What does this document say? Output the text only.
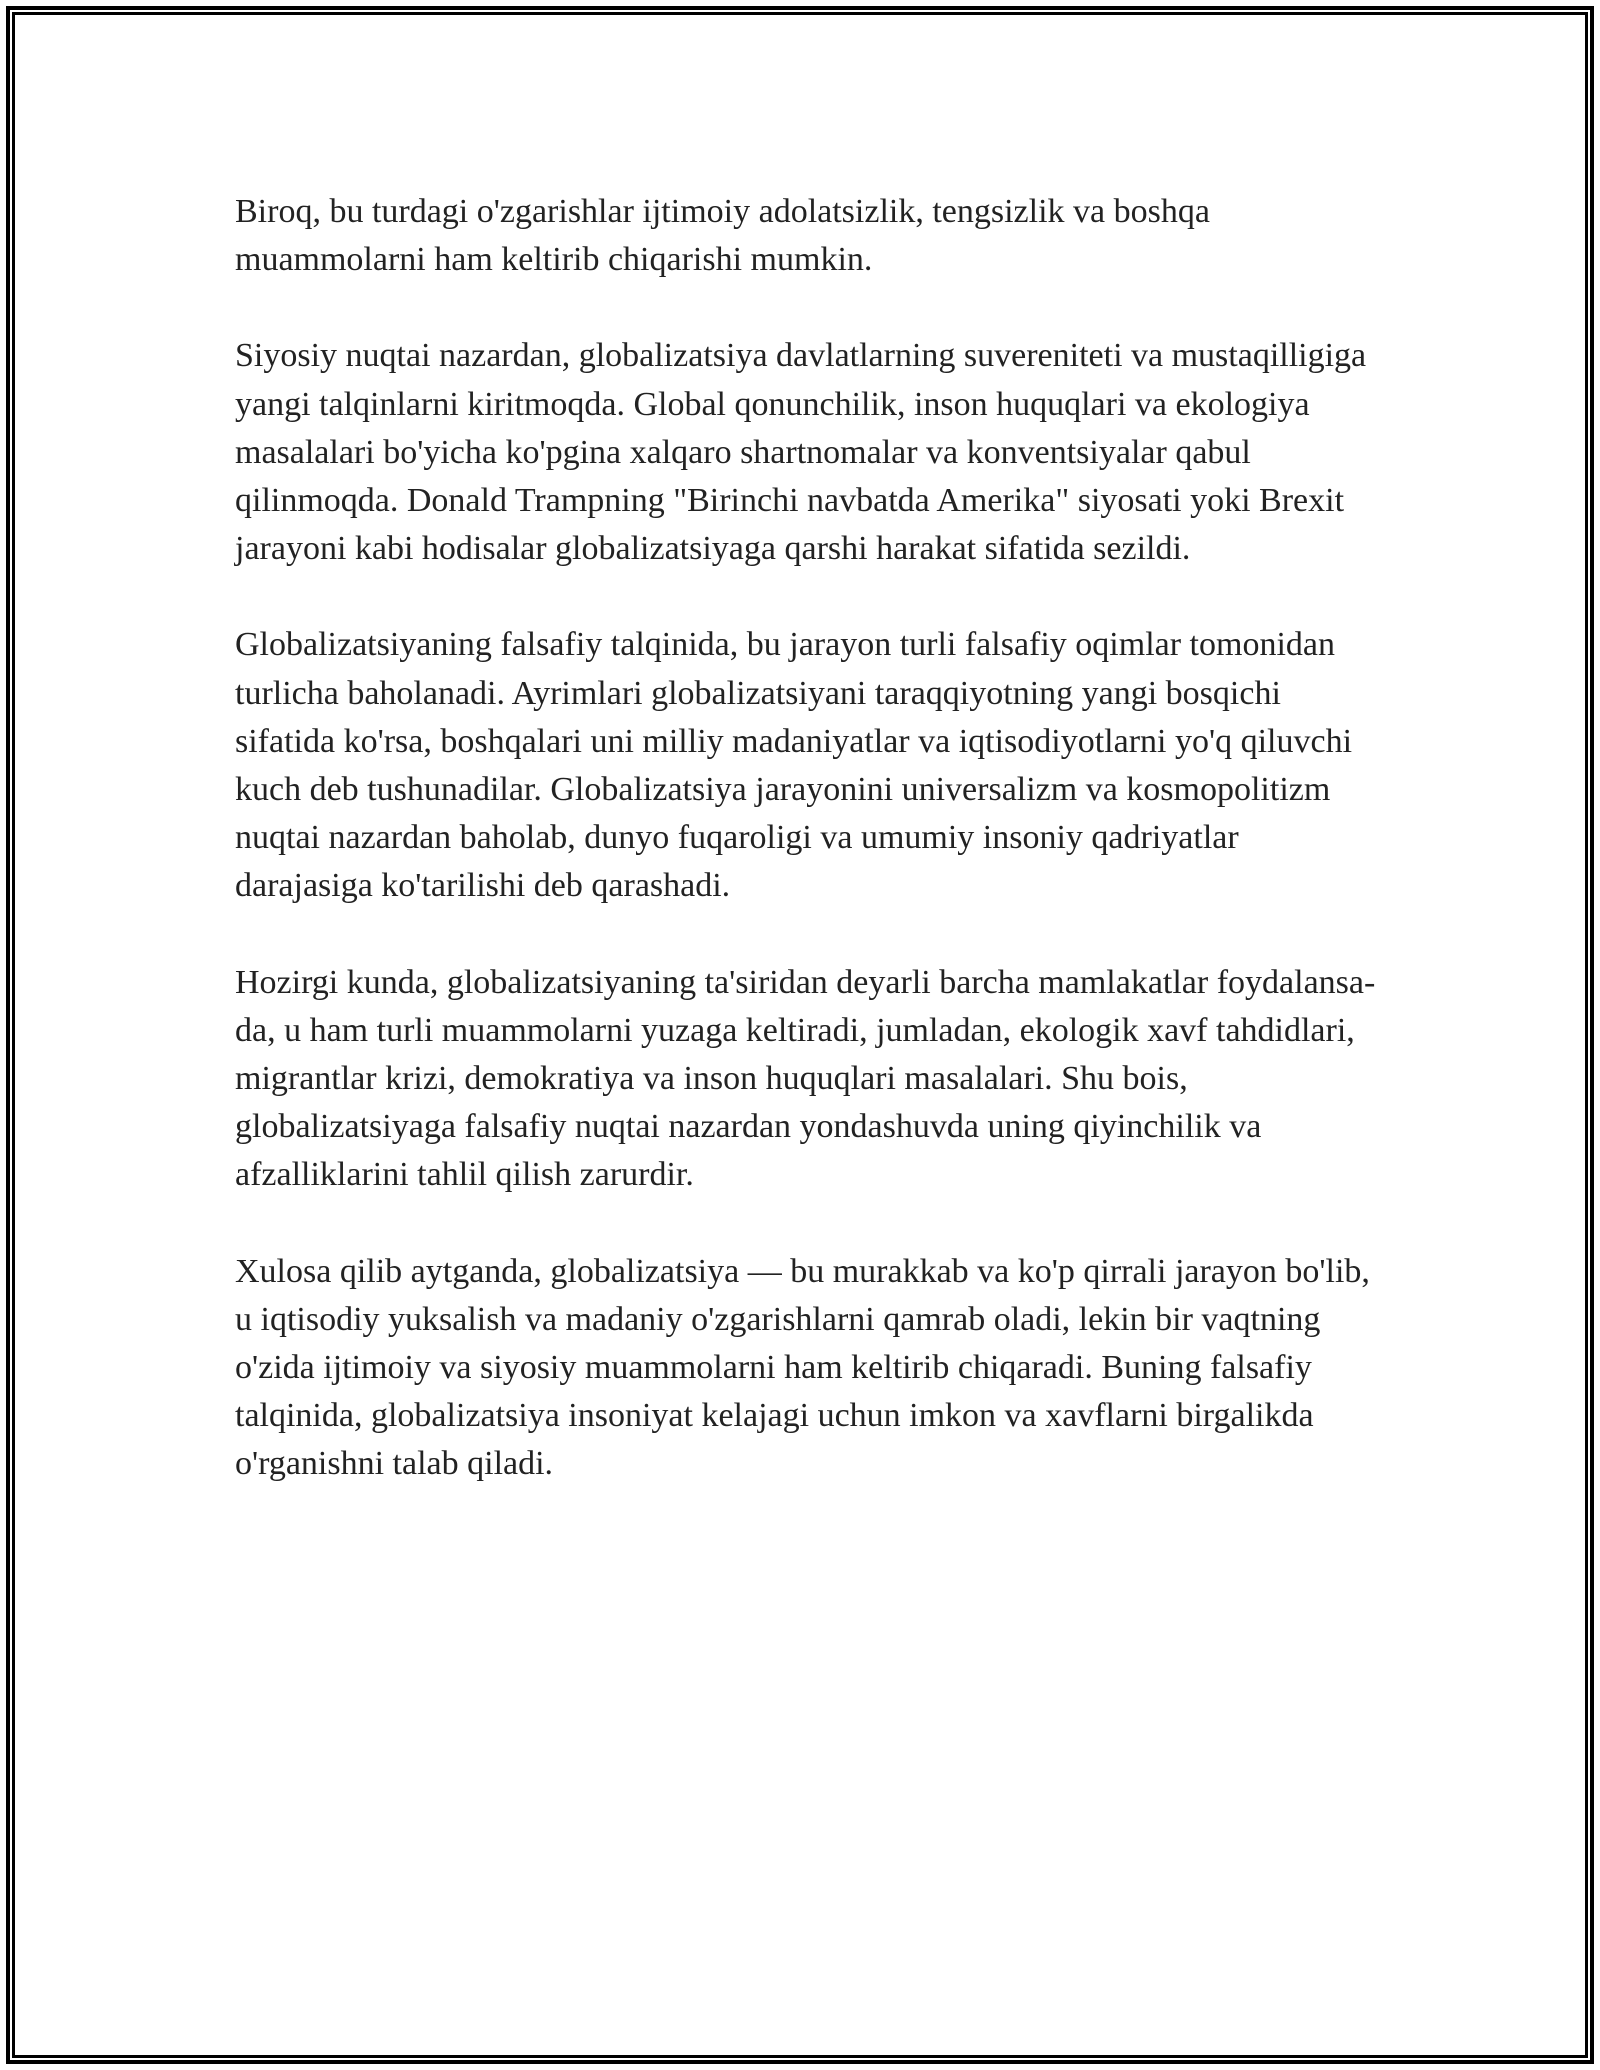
Biroq, bu turdagi o'zgarishlar ijtimoiy adolatsizlik, tengsizlik va boshqa muammolarni ham keltirib chiqarishi mumkin.

Siyosiy nuqtai nazardan, globalizatsiya davlatlarning suvereniteti va mustaqilligiga yangi talqinlarni kiritmoqda. Global qonunchilik, inson huquqlari va ekologiya masalalari bo'yicha ko'pgina xalqaro shartnomalar va konventsiyalar qabul qilinmoqda. Donald Trampning "Birinchi navbatda Amerika" siyosati yoki Brexit jarayoni kabi hodisalar globalizatsiyaga qarshi harakat sifatida sezildi.

Globalizatsiyaning falsafiy talqinida, bu jarayon turli falsafiy oqimlar tomonidan turlicha baholanadi. Ayrimlari globalizatsiyani taraqqiyotning yangi bosqichi sifatida ko'rsa, boshqalari uni milliy madaniyatlar va iqtisodiyotlarni yo'q qiluvchi kuch deb tushunadilar. Globalizatsiya jarayonini universalizm va kosmopolitizm nuqtai nazardan baholab, dunyo fuqaroligi va umumiy insoniy qadriyatlar darajasiga ko'tarilishi deb qarashadi.

Hozirgi kunda, globalizatsiyaning ta'siridan deyarli barcha mamlakatlar foydalansa-da, u ham turli muammolarni yuzaga keltiradi, jumladan, ekologik xavf tahdidlari, migrantlar krizi, demokratiya va inson huquqlari masalalari. Shu bois, globalizatsiyaga falsafiy nuqtai nazardan yondashuvda uning qiyinchilik va afzalliklarini tahlil qilish zarurdir.

Xulosa qilib aytganda, globalizatsiya — bu murakkab va ko'p qirrali jarayon bo'lib, u iqtisodiy yuksalish va madaniy o'zgarishlarni qamrab oladi, lekin bir vaqtning o'zida ijtimoiy va siyosiy muammolarni ham keltirib chiqaradi. Buning falsafiy talqinida, globalizatsiya insoniyat kelajagi uchun imkon va xavflarni birgalikda o'rganishni talab qiladi.
